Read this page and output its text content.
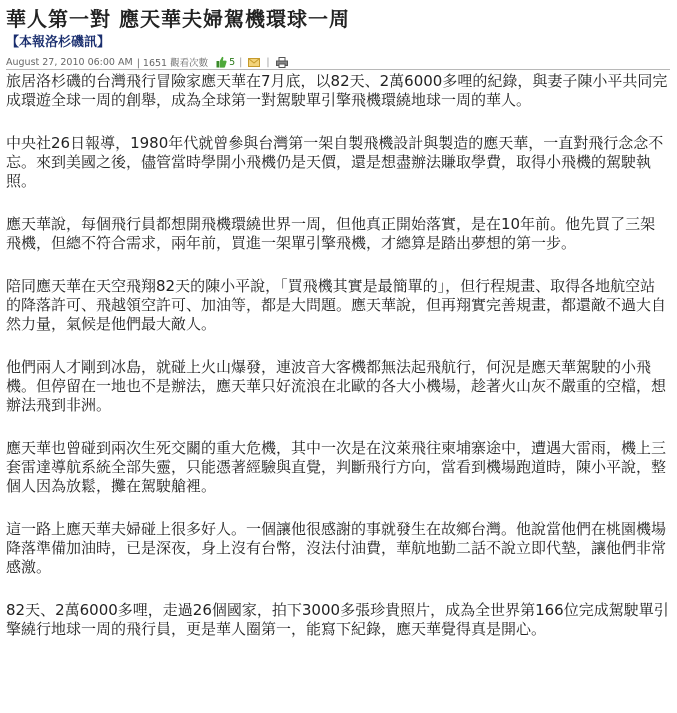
華人第一對 應天華夫婦駕機環球一周
【本報洛杉磯訊】
August 27, 2010 06:00 AM | 1651 觀看次數 5 |	|

旅居洛杉磯的台灣飛行冒險家應天華在7月底，以82天、2萬6000多哩的紀錄，與妻子陳小平共同完成環遊全球一周的創舉，成為全球第一對駕駛單引擎飛機環繞地球一周的華人。

中央社26日報導，1980年代就曾參與台灣第一架自製飛機設計與製造的應天華，一直對飛行念念不忘。來到美國之後，儘管當時學開小飛機仍是天價，還是想盡辦法賺取學費，取得小飛機的駕駛執照。

應天華說，每個飛行員都想開飛機環繞世界一周，但他真正開始落實，是在10年前。他先買了三架飛機，但總不符合需求，兩年前，買進一架單引擎飛機，才總算是踏出夢想的第一步。

陪同應天華在天空飛翔82天的陳小平說，「買飛機其實是最簡單的」，但行程規畫、取得各地航空站的降落許可、飛越領空許可、加油等，都是大問題。應天華說，但再翔實完善規畫，都還敵不過大自然力量，氣候是他們最大敵人。

他們兩人才剛到冰島，就碰上火山爆發，連波音大客機都無法起飛航行，何況是應天華駕駛的小飛機。但停留在一地也不是辦法，應天華只好流浪在北歐的各大小機場，趁著火山灰不嚴重的空檔，想辦法飛到非洲。

應天華也曾碰到兩次生死交關的重大危機，其中一次是在汶萊飛往柬埔寨途中，遭遇大雷雨，機上三套雷達導航系統全部失靈，只能憑著經驗與直覺，判斷飛行方向，當看到機場跑道時，陳小平說，整個人因為放鬆，攤在駕駛艙裡。

這一路上應天華夫婦碰上很多好人。一個讓他很感謝的事就發生在故鄉台灣。他說當他們在桃園機場降落準備加油時，已是深夜，身上沒有台幣，沒法付油費，華航地勤二話不說立即代墊，讓他們非常感激。

82天、2萬6000多哩，走過26個國家，拍下3000多張珍貴照片，成為全世界第166位完成駕駛單引擎繞行地球一周的飛行員，更是華人圈第一，能寫下紀錄，應天華覺得真是開心。
